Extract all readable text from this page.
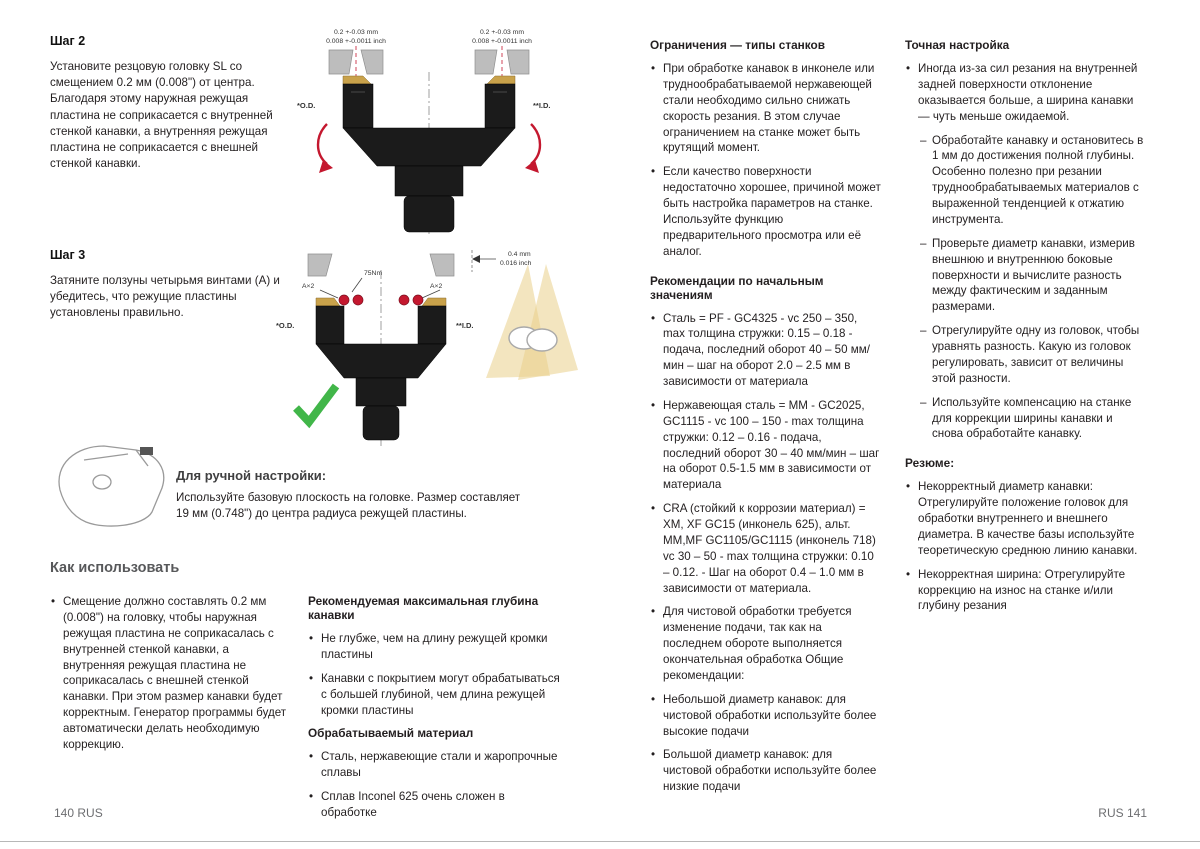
Шаг 2

Установите резцовую головку SL со смещением 0.2 мм (0.008") от центра. Благодаря этому наружная режущая пластина не соприкасается с внутренней стенкой канавки, а внутренняя режущая пластина не соприкасается с внешней стенкой канавки.

Шаг 3

Затяните ползуны четырьмя винтами (А) и убедитесь, что режущие пластины установлены правильно.

0.2 +-0.03 mm
0.008 +-0.0011 inch
0.2 +-0.03 mm
0.008 +-0.0011 inch
*O.D.	**I.D.
75Nm
A×2	A×2
*O.D.	**I.D.
0.4 mm
0.016 inch
Для ручной настройки:

Используйте базовую плоскость на головке. Размер составляет 19 мм (0.748") до центра радиуса режущей пластины.

Как использовать
• Смещение должно составлять 0.2 мм (0.008") на головку, чтобы наружная режущая пластина не соприкасалась с внутренней стенкой канавки, а внутренняя режущая пластина не соприкасалась с внешней стенкой канавки. При этом размер канавки будет корректным. Генератор программы будет автоматически делать необходимую коррекцию.
Рекомендуемая максимальная глубина канавки
• Не глубже, чем на длину режущей кромки пластины
• Канавки с покрытием могут обрабатываться с большей глубиной, чем длина режущей кромки пластины
Обрабатываемый материал
• Сталь, нержавеющие стали и жаропрочные сплавы
• Сплав Inconel 625 очень сложен в обработке
140 RUS
Ограничения — типы станков
• При обработке канавок в инконеле или труднообрабатываемой нержавеющей стали необходимо сильно снижать скорость резания. В этом случае ограничением на станке может быть крутящий момент.
• Если качество поверхности недостаточно хорошее, причиной может быть настройка параметров на станке. Используйте функцию предварительного просмотра или её аналог.
Рекомендации по начальным значениям
• Сталь = PF - GC4325 - vc 250 – 350, max толщина стружки: 0.15 – 0.18 - подача, последний оборот 40 – 50 мм/мин – шаг на оборот 2.0 – 2.5 мм в зависимости от материала
• Нержавеющая сталь = MM - GC2025, GC1115 - vc 100 – 150 - max толщина стружки: 0.12 – 0.16 - подача, последний оборот 30 – 40 мм/мин – шаг на оборот 0.5-1.5 мм в зависимости от материала
• CRA (стойкий к коррозии материал) = XM, XF GC15 (инконель 625), альт. MM,MF GC1105/GC1115 (инконель 718) vc 30 – 50 - max толщина стружки: 0.10 – 0.12. - Шаг на оборот 0.4 – 1.0 мм в зависимости от материала.
• Для чистовой обработки требуется изменение подачи, так как на последнем обороте выполняется окончательная обработка Общие рекомендации:
• Небольшой диаметр канавок: для чистовой обработки используйте более высокие подачи
• Большой диаметр канавок: для чистовой обработки используйте более низкие подачи
Точная настройка
• Иногда из-за сил резания на внутренней задней поверхности отклонение оказывается больше, а ширина канавки — чуть меньше ожидаемой.
– Обработайте канавку и остановитесь в 1 мм до достижения полной глубины. Особенно полезно при резании труднообрабатываемых материалов с выраженной тенденцией к отжатию инструмента.
– Проверьте диаметр канавки, измерив внешнюю и внутреннюю боковые поверхности и вычислите разность между фактическим и заданным размерами.
– Отрегулируйте одну из головок, чтобы уравнять разность. Какую из головок регулировать, зависит от величины этой разности.
– Используйте компенсацию на станке для коррекции ширины канавки и снова обработайте канавку.
Резюме:
• Некорректный диаметр канавки: Отрегулируйте положение головок для обработки внутреннего и внешнего диаметра. В качестве базы используйте теоретическую среднюю линию канавки.
• Некорректная ширина: Отрегулируйте коррекцию на износ на станке и/или глубину резания
RUS 141
